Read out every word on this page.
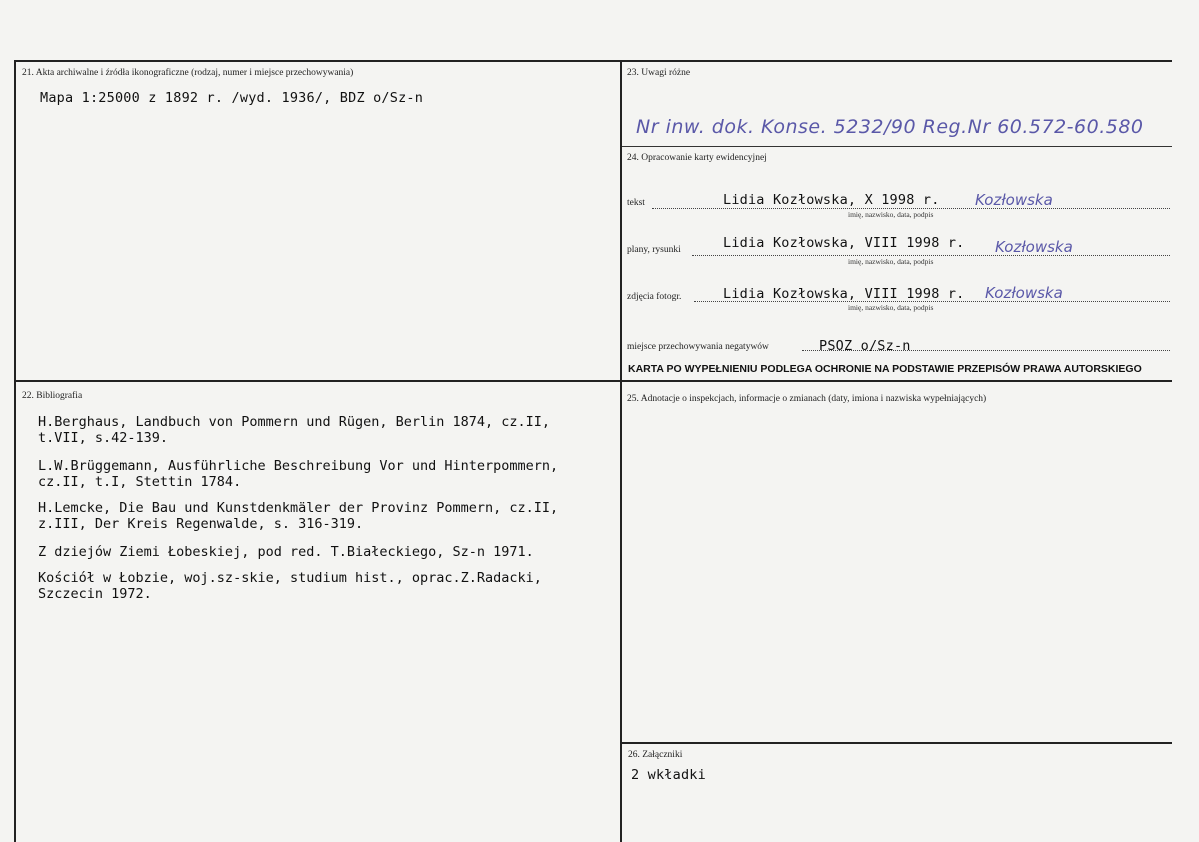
21. Akta archiwalne i źródła ikonograficzne (rodzaj, numer i miejsce przechowywania)
Mapa 1:25000 z 1892 r. /wyd. 1936/, BDZ o/Sz-n
23. Uwagi różne
Nr inw. dok. Konse. 5232/90 Reg.Nr 60.572-60.580
24. Opracowanie karty ewidencyjnej
tekst	Lidia Kozłowska, X 1998 r. Kozłowska
imię, nazwisko, data, podpis
plany, rysunki	Lidia Kozłowska, VIII 1998 r. Kozłowska
imię, nazwisko, data, podpis
zdjęcia fotogr.	Lidia Kozłowska, VIII 1998 r. Kozłowska
imię, nazwisko, data, podpis
miejsce przechowywania negatywów	PSOZ o/Sz-n
KARTA PO WYPEŁNIENIU PODLEGA OCHRONIE NA PODSTAWIE PRZEPISÓW PRAWA AUTORSKIEGO
22. Bibliografia
H.Berghaus, Landbuch von Pommern und Rügen, Berlin 1874, cz.II, t.VII, s.42-139.
L.W.Brüggemann, Ausführliche Beschreibung Vor und Hinterpommern, cz.II, t.I, Stettin 1784.
H.Lemcke, Die Bau und Kunstdenkmäler der Provinz Pommern, cz.II, z.III, Der Kreis Regenwalde, s. 316-319.
Z dziejów Ziemi Łobeskiej, pod red. T.Białeckiego, Sz-n 1971.
Kościół w Łobzie, woj.sz-skie, studium hist., oprac.Z.Radacki, Szczecin 1972.
25. Adnotacje o inspekcjach, informacje o zmianach (daty, imiona i nazwiska wypełniających)
26. Załączniki
2 wkładki
